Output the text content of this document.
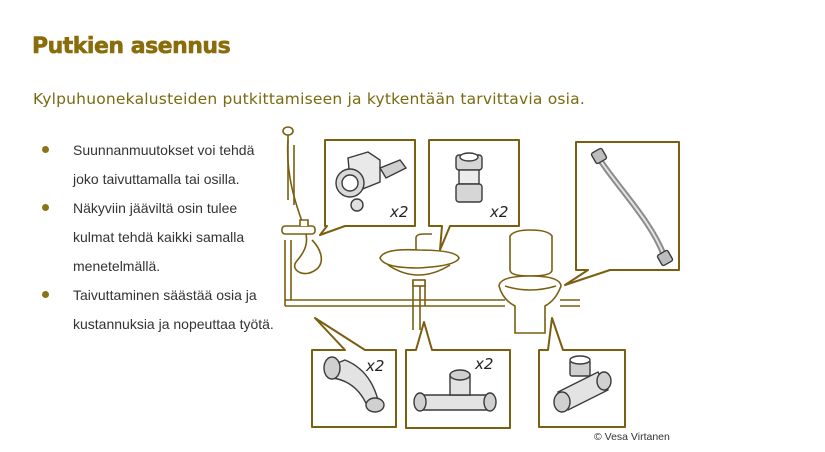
Putkien asennus
Kylpuhuonekalusteiden putkittamiseen ja kytkentään tarvittavia osia.
Suunnanmuutokset voi tehdä joko taivuttamalla tai osilla.
Näkyviin jääviltä osin tulee kulmat tehdä kaikki samalla menetelmällä.
Taivuttaminen säästää osia ja kustannuksia ja nopeuttaa työtä.
x2	x2
x2	x2
© Vesa Virtanen
